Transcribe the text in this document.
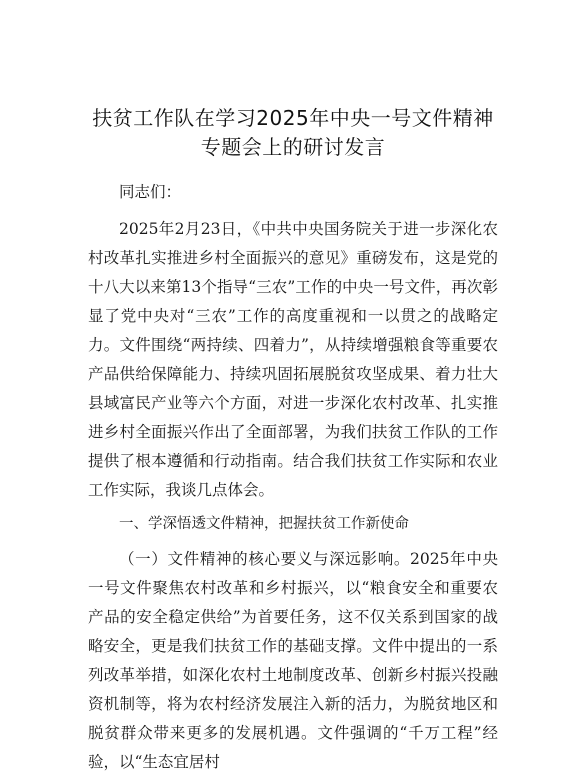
扶贫工作队在学习2025年中央一号文件精神专题会上的研讨发言

同志们：

2025年2月23日，《中共中央国务院关于进一步深化农村改革扎实推进乡村全面振兴的意见》重磅发布，这是党的十八大以来第13个指导“三农”工作的中央一号文件，再次彰显了党中央对“三农”工作的高度重视和一以贯之的战略定力。文件围绕“两持续、四着力”，从持续增强粮食等重要农产品供给保障能力、持续巩固拓展脱贫攻坚成果、着力壮大县域富民产业等六个方面，对进一步深化农村改革、扎实推进乡村全面振兴作出了全面部署，为我们扶贫工作队的工作提供了根本遵循和行动指南。结合我们扶贫工作实际和农业工作实际，我谈几点体会。

一、学深悟透文件精神，把握扶贫工作新使命

（一）文件精神的核心要义与深远影响。2025年中央一号文件聚焦农村改革和乡村振兴，以“粮食安全和重要农产品的安全稳定供给”为首要任务，这不仅关系到国家的战略安全，更是我们扶贫工作的基础支撑。文件中提出的一系列改革举措，如深化农村土地制度改革、创新乡村振兴投融资机制等，将为农村经济发展注入新的活力，为脱贫地区和脱贫群众带来更多的发展机遇。文件强调的“千万工程”经验，以“生态宜居村
